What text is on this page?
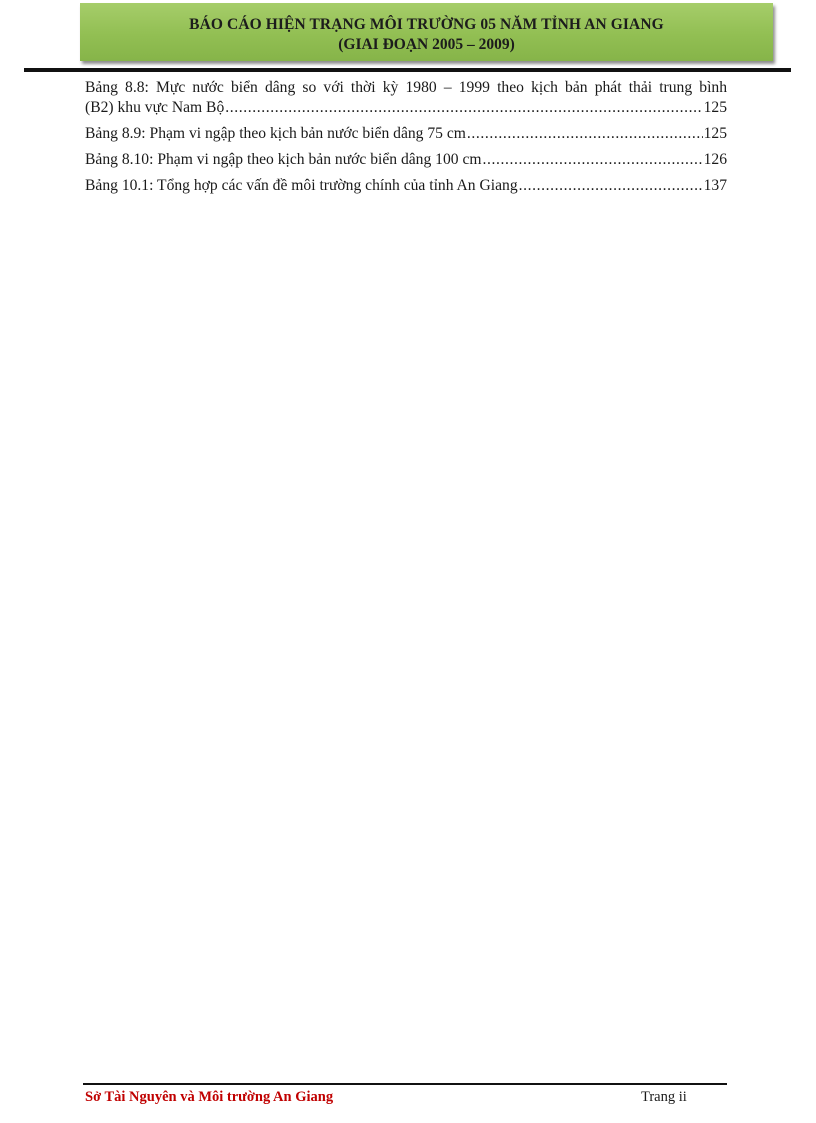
BÁO CÁO HIỆN TRẠNG MÔI TRƯỜNG 05 NĂM TỈNH AN GIANG
(GIAI ĐOẠN 2005 – 2009)
Bảng 8.8: Mực nước biển dâng so với thời kỳ 1980 – 1999 theo kịch bản phát thải trung bình
(B2) khu vực Nam Bộ .....	125
Bảng 8.9: Phạm vi ngập theo kịch bản nước biển dâng 75 cm .....	125
Bảng 8.10: Phạm vi ngập theo kịch bản nước biển dâng 100 cm .....	126
Bảng 10.1: Tổng hợp các vấn đề môi trường chính của tỉnh An Giang .....	137
Sở Tài Nguyên và Môi trường An Giang	Trang ii
